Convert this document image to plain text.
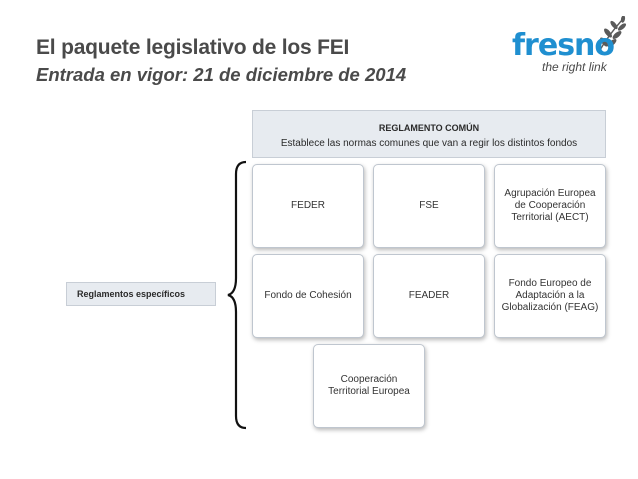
El paquete legislativo de los FEI
Entrada en vigor: 21 de diciembre de 2014
fresno
the right link
REGLAMENTO COMÚN
Establece las normas comunes que van a regir los distintos fondos
Reglamentos específicos
FEDER	FSE
Agrupación Europea de Cooperación Territorial (AECT)
Fondo de Cohesión	FEADER
Fondo Europeo de Adaptación a la Globalización (FEAG)
Cooperación Territorial Europea
